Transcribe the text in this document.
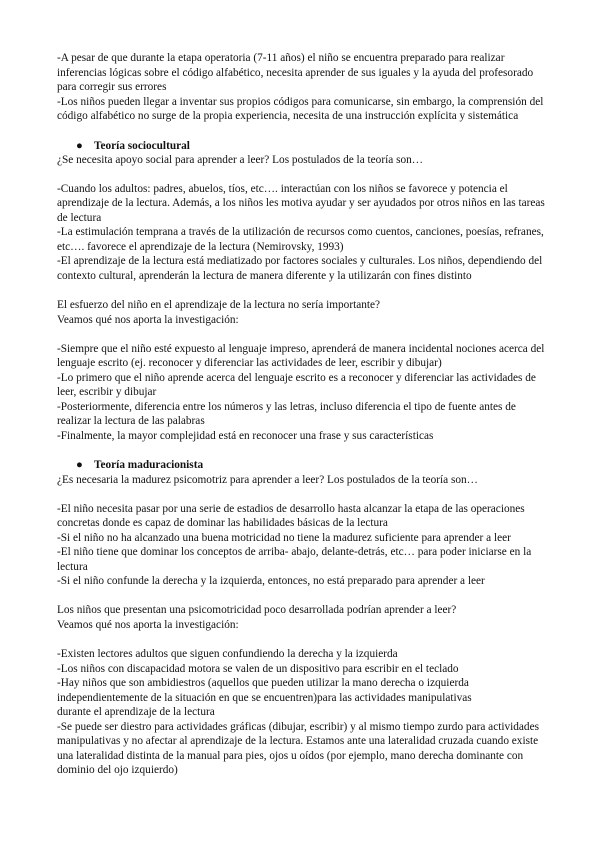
-A pesar de que durante la etapa operatoria (7-11 años) el niño se encuentra preparado para realizar
inferencias lógicas sobre el código alfabético, necesita aprender de sus iguales y la ayuda del profesorado
para corregir sus errores
-Los niños pueden llegar a inventar sus propios códigos para comunicarse, sin embargo, la comprensión del
código alfabético no surge de la propia experiencia, necesita de una instrucción explícita y sistemática
● Teoría sociocultural
¿Se necesita apoyo social para aprender a leer? Los postulados de la teoría son…
-Cuando los adultos: padres, abuelos, tíos, etc…. interactúan con los niños se favorece y potencia el
aprendizaje de la lectura. Además, a los niños les motiva ayudar y ser ayudados por otros niños en las tareas
de lectura
-La estimulación temprana a través de la utilización de recursos como cuentos, canciones, poesías, refranes,
etc…. favorece el aprendizaje de la lectura (Nemirovsky, 1993)
-El aprendizaje de la lectura está mediatizado por factores sociales y culturales. Los niños, dependiendo del
contexto cultural, aprenderán la lectura de manera diferente y la utilizarán con fines distinto
El esfuerzo del niño en el aprendizaje de la lectura no sería importante?
Veamos qué nos aporta la investigación:
-Siempre que el niño esté expuesto al lenguaje impreso, aprenderá de manera incidental nociones acerca del
lenguaje escrito (ej. reconocer y diferenciar las actividades de leer, escribir y dibujar)
-Lo primero que el niño aprende acerca del lenguaje escrito es a reconocer y diferenciar las actividades de
leer, escribir y dibujar
-Posteriormente, diferencia entre los números y las letras, incluso diferencia el tipo de fuente antes de
realizar la lectura de las palabras
-Finalmente, la mayor complejidad está en reconocer una frase y sus características
● Teoría maduracionista
¿Es necesaria la madurez psicomotriz para aprender a leer? Los postulados de la teoría son…
-El niño necesita pasar por una serie de estadios de desarrollo hasta alcanzar la etapa de las operaciones
concretas donde es capaz de dominar las habilidades básicas de la lectura
-Si el niño no ha alcanzado una buena motricidad no tiene la madurez suficiente para aprender a leer
-El niño tiene que dominar los conceptos de arriba- abajo, delante-detrás, etc… para poder iniciarse en la
lectura
-Si el niño confunde la derecha y la izquierda, entonces, no está preparado para aprender a leer
Los niños que presentan una psicomotricidad poco desarrollada podrían aprender a leer?
Veamos qué nos aporta la investigación:
-Existen lectores adultos que siguen confundiendo la derecha y la izquierda
-Los niños con discapacidad motora se valen de un dispositivo para escribir en el teclado
-Hay niños que son ambidiestros (aquellos que pueden utilizar la mano derecha o izquierda
independientemente de la situación en que se encuentren)para las actividades manipulativas
durante el aprendizaje de la lectura
-Se puede ser diestro para actividades gráficas (dibujar, escribir) y al mismo tiempo zurdo para actividades
manipulativas y no afectar al aprendizaje de la lectura. Estamos ante una lateralidad cruzada cuando existe
una lateralidad distinta de la manual para pies, ojos u oídos (por ejemplo, mano derecha dominante con
dominio del ojo izquierdo)
